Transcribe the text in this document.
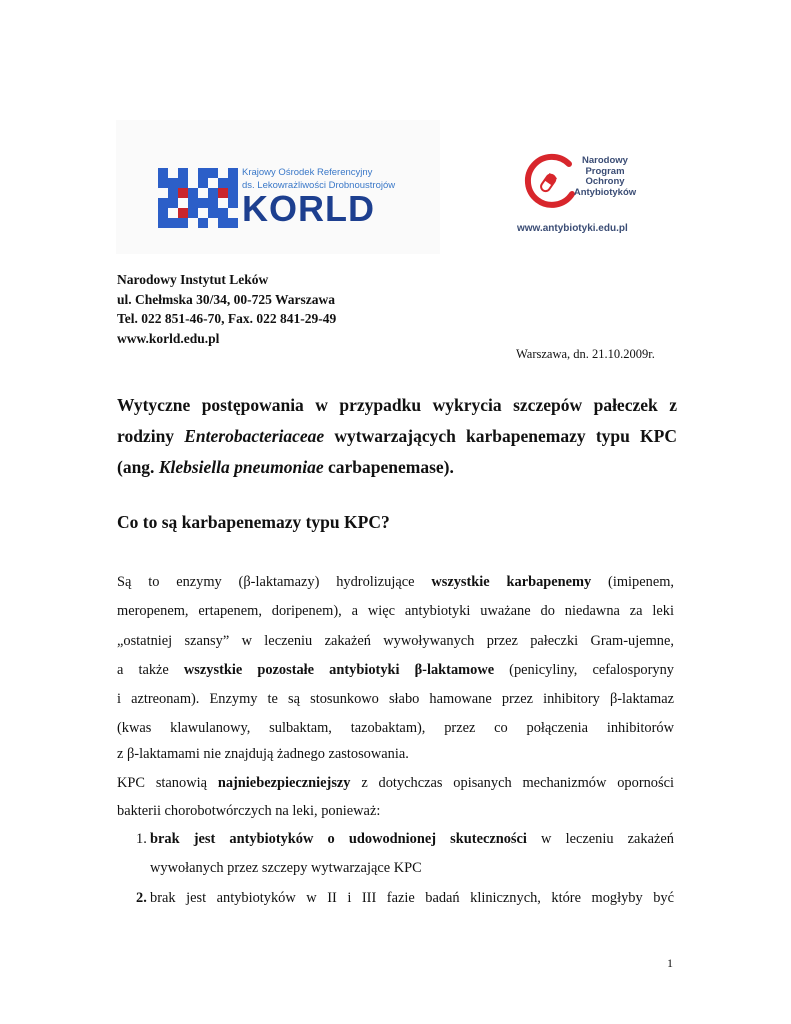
Krajowy Ośrodek Referencyjny
ds. Lekowrażliwości Drobnoustrojów
KORLD
Narodowy
Program
Ochrony
Antybiotyków
www.antybiotyki.edu.pl
Narodowy Instytut Leków
ul. Chełmska 30/34, 00-725 Warszawa
Tel. 022 851-46-70, Fax. 022 841-29-49
www.korld.edu.pl
Warszawa, dn. 21.10.2009r.
Wytyczne postępowania w przypadku wykrycia szczepów pałeczek z
rodziny Enterobacteriaceae wytwarzających karbapenemazy typu KPC
(ang. Klebsiella pneumoniae carbapenemase).
Co to są karbapenemazy typu KPC?
Są to enzymy (β-laktamazy) hydrolizujące wszystkie karbapenemy (imipenem,
meropenem, ertapenem, doripenem), a więc antybiotyki uważane do niedawna za leki
„ostatniej szansy” w leczeniu zakażeń wywoływanych przez pałeczki Gram-ujemne,
a także wszystkie pozostałe antybiotyki β-laktamowe (penicyliny, cefalosporyny
i aztreonam). Enzymy te są stosunkowo słabo hamowane przez inhibitory β-laktamaz
(kwas klawulanowy, sulbaktam, tazobaktam), przez co połączenia inhibitorów
z β-laktamami nie znajdują żadnego zastosowania.
KPC stanowią najniebezpieczniejszy z dotychczas opisanych mechanizmów oporności
bakterii chorobotwórczych na leki, ponieważ:
1. brak jest antybiotyków o udowodnionej skuteczności w leczeniu zakażeń
wywołanych przez szczepy wytwarzające KPC
2. brak jest antybiotyków w II i III fazie badań klinicznych, które mogłyby być
1
